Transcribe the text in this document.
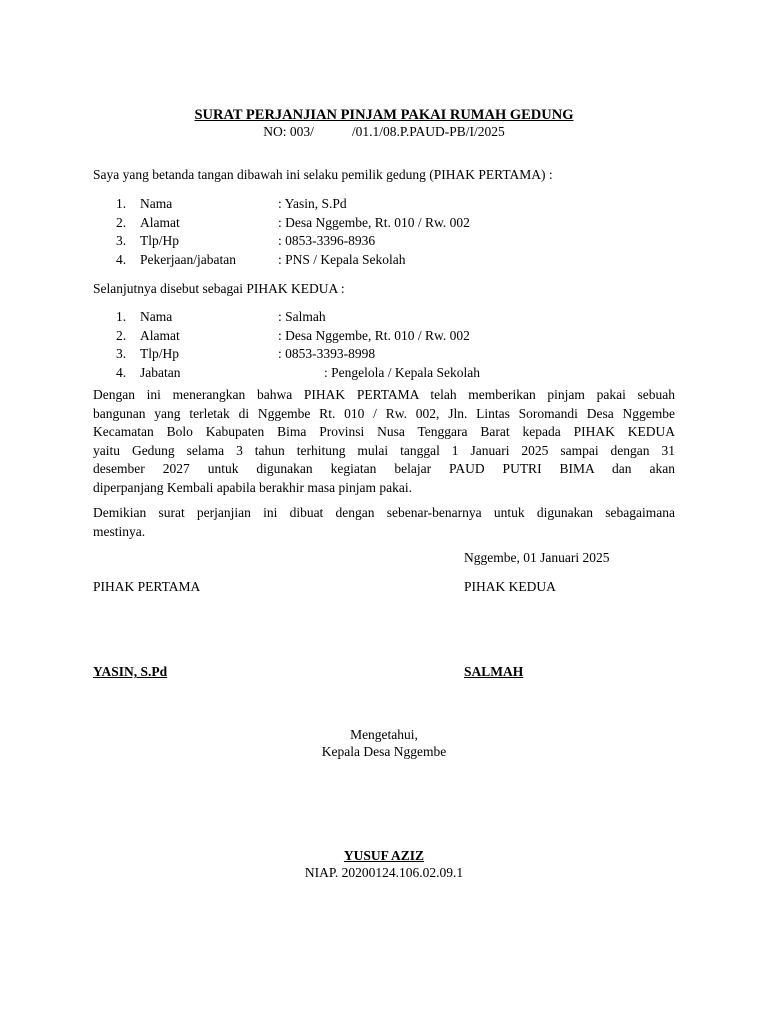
SURAT PERJANJIAN PINJAM PAKAI RUMAH GEDUNG
NO: 003/	/01.1/08.P.PAUD-PB/I/2025
Saya yang betanda tangan dibawah ini selaku pemilik gedung (PIHAK PERTAMA) :
1. Nama	: Yasin, S.Pd
2. Alamat	: Desa Nggembe, Rt. 010 / Rw. 002
3. Tlp/Hp	: 0853-3396-8936
4. Pekerjaan/jabatan	: PNS / Kepala Sekolah
Selanjutnya disebut sebagai PIHAK KEDUA :
1. Nama	: Salmah
2. Alamat	: Desa Nggembe, Rt. 010 / Rw. 002
3. Tlp/Hp	: 0853-3393-8998
4. Jabatan	: Pengelola / Kepala Sekolah
Dengan ini menerangkan bahwa PIHAK PERTAMA telah memberikan pinjam pakai sebuah
bangunan yang terletak di Nggembe Rt. 010 / Rw. 002, Jln. Lintas Soromandi Desa Nggembe
Kecamatan Bolo Kabupaten Bima Provinsi Nusa Tenggara Barat kepada PIHAK KEDUA
yaitu Gedung selama 3 tahun terhitung mulai tanggal 1 Januari 2025 sampai dengan 31
desember 2027 untuk digunakan kegiatan belajar PAUD PUTRI BIMA dan akan
diperpanjang Kembali apabila berakhir masa pinjam pakai.
Demikian surat perjanjian ini dibuat dengan sebenar-benarnya untuk digunakan sebagaimana
mestinya.
Nggembe, 01 Januari 2025
PIHAK PERTAMA	PIHAK KEDUA
YASIN, S.Pd	SALMAH
Mengetahui,
Kepala Desa Nggembe
YUSUF AZIZ
NIAP. 20200124.106.02.09.1
